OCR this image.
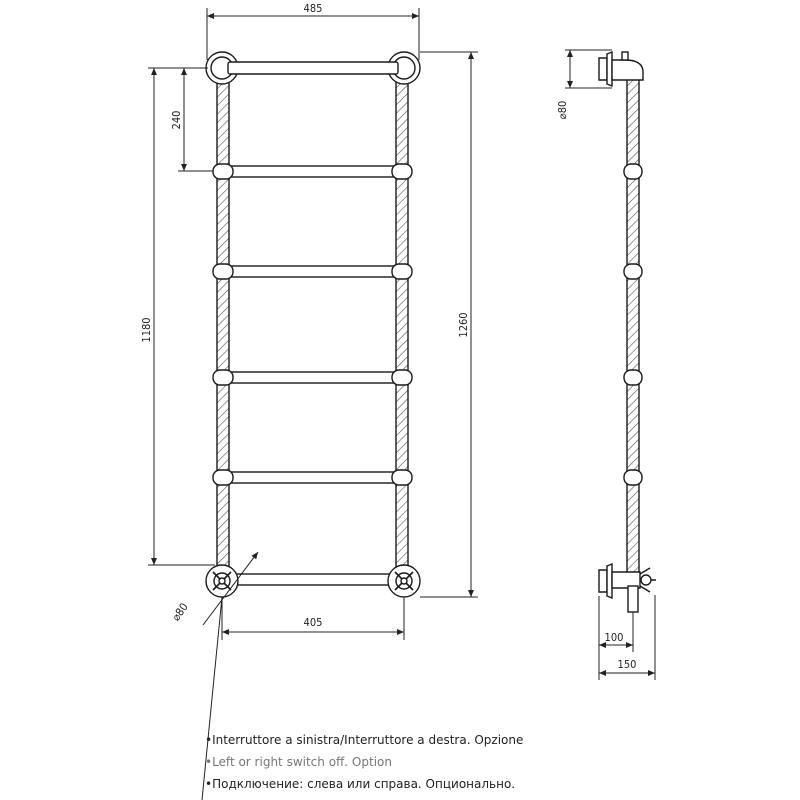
485
240
1180	1260
405
⌀80
⌀80
100
150
•Interruttore a sinistra/Interruttore a destra. Opzione
•Left or right switch off. Option
•Подключение: слева или справа. Опционально.
